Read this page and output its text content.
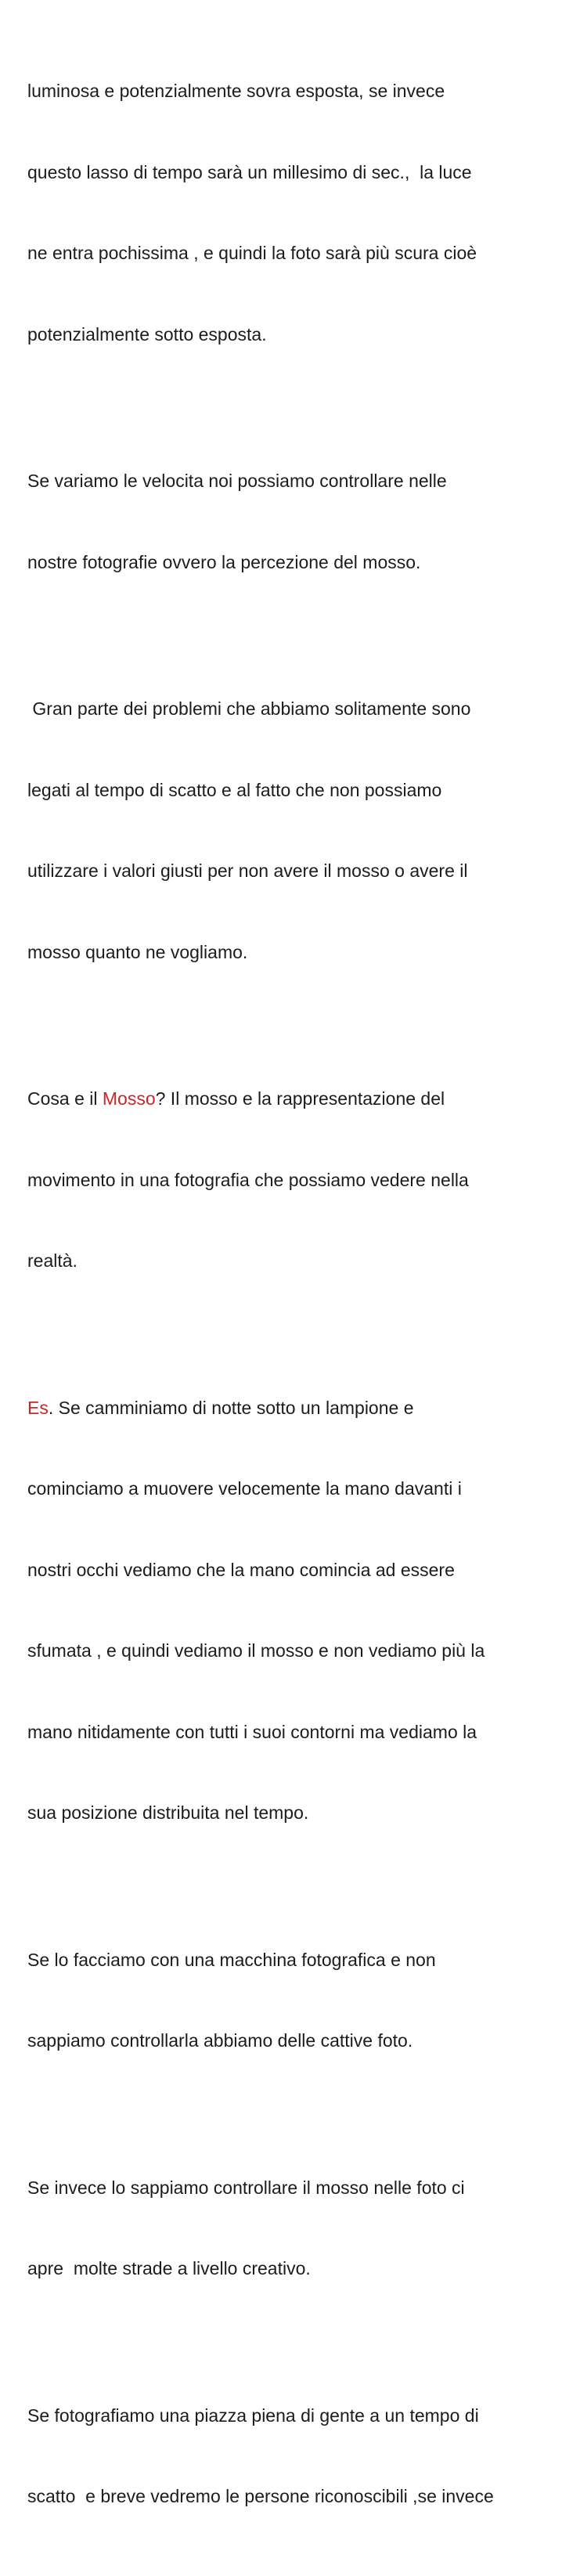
luminosa e potenzialmente sovra esposta, se invece

questo lasso di tempo sarà un millesimo di sec.,  la luce

ne entra pochissima , e quindi la foto sarà più scura cioè

potenzialmente sotto esposta.

Se variamo le velocita noi possiamo controllare nelle

nostre fotografie ovvero la percezione del mosso.

Gran parte dei problemi che abbiamo solitamente sono

legati al tempo di scatto e al fatto che non possiamo

utilizzare i valori giusti per non avere il mosso o avere il

mosso quanto ne vogliamo.

Cosa e il Mosso? Il mosso e la rappresentazione del

movimento in una fotografia che possiamo vedere nella

realtà.

Es. Se camminiamo di notte sotto un lampione e

cominciamo a muovere velocemente la mano davanti i

nostri occhi vediamo che la mano comincia ad essere

sfumata , e quindi vediamo il mosso e non vediamo più la

mano nitidamente con tutti i suoi contorni ma vediamo la

sua posizione distribuita nel tempo.

Se lo facciamo con una macchina fotografica e non

sappiamo controllarla abbiamo delle cattive foto.

Se invece lo sappiamo controllare il mosso nelle foto ci

apre  molte strade a livello creativo.

Se fotografiamo una piazza piena di gente a un tempo di

scatto  e breve vedremo le persone riconoscibili ,se invece
